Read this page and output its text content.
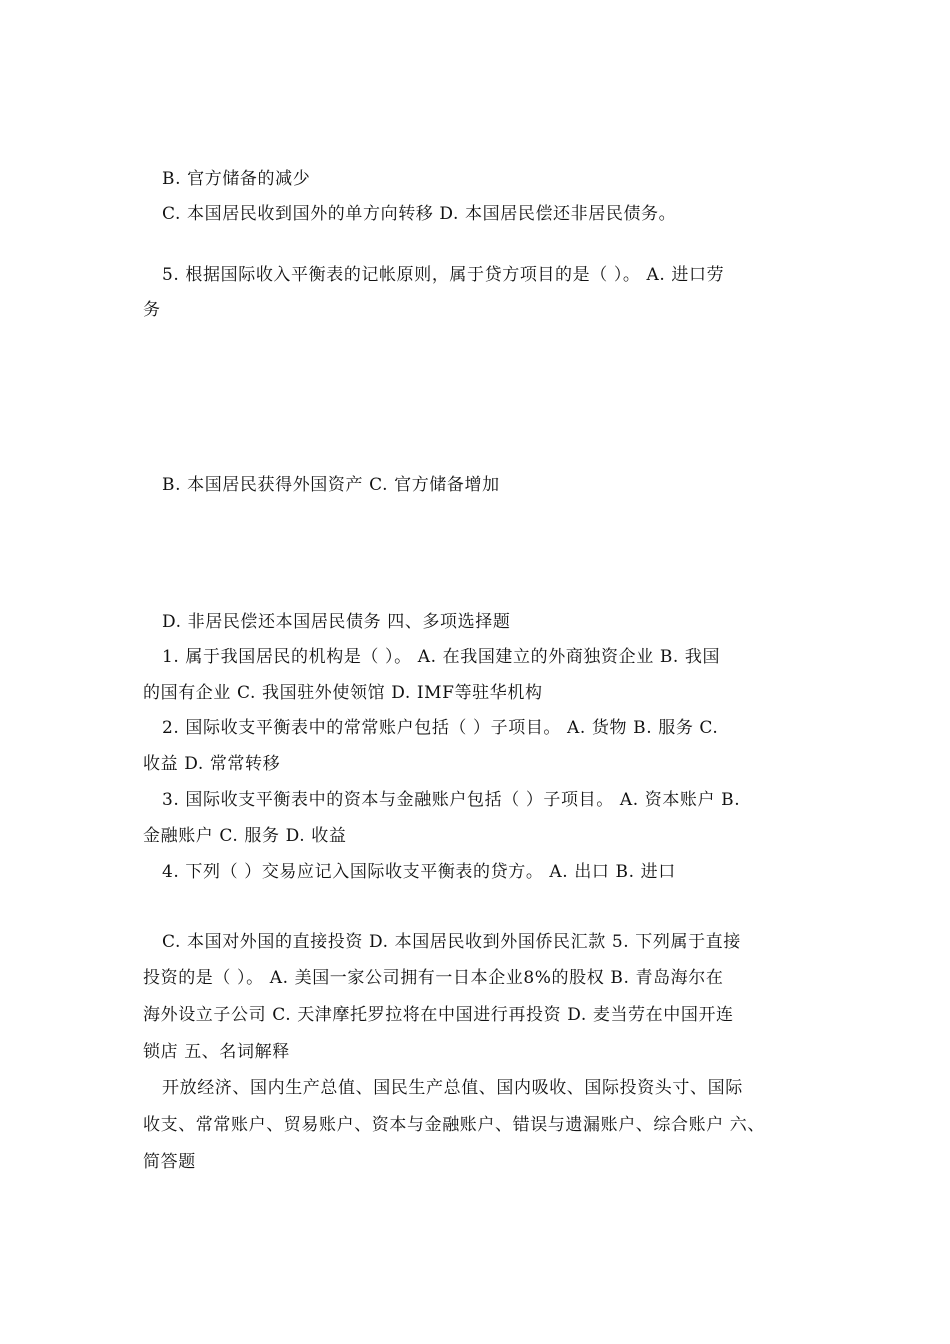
B. 官方储备的减少
C. 本国居民收到国外的单方向转移 D. 本国居民偿还非居民债务。
5. 根据国际收入平衡表的记帐原则，属于贷方项目的是（ ）。 A. 进口劳
务
B. 本国居民获得外国资产 C. 官方储备增加
D. 非居民偿还本国居民债务 四、多项选择题
1. 属于我国居民的机构是（ ）。 A. 在我国建立的外商独资企业 B. 我国
的国有企业 C. 我国驻外使领馆 D. IMF等驻华机构
2. 国际收支平衡表中的常常账户包括（ ）子项目。 A. 货物 B. 服务 C.
收益 D. 常常转移
3. 国际收支平衡表中的资本与金融账户包括（ ）子项目。 A. 资本账户 B.
金融账户 C. 服务 D. 收益
4. 下列（ ）交易应记入国际收支平衡表的贷方。 A. 出口 B. 进口
C. 本国对外国的直接投资 D. 本国居民收到外国侨民汇款 5. 下列属于直接
投资的是（ ）。 A. 美国一家公司拥有一日本企业8%的股权 B. 青岛海尔在
海外设立子公司 C. 天津摩托罗拉将在中国进行再投资 D. 麦当劳在中国开连
锁店 五、名词解释
开放经济、国内生产总值、国民生产总值、国内吸收、国际投资头寸、国际
收支、常常账户、贸易账户、资本与金融账户、错误与遗漏账户、综合账户 六、
简答题
